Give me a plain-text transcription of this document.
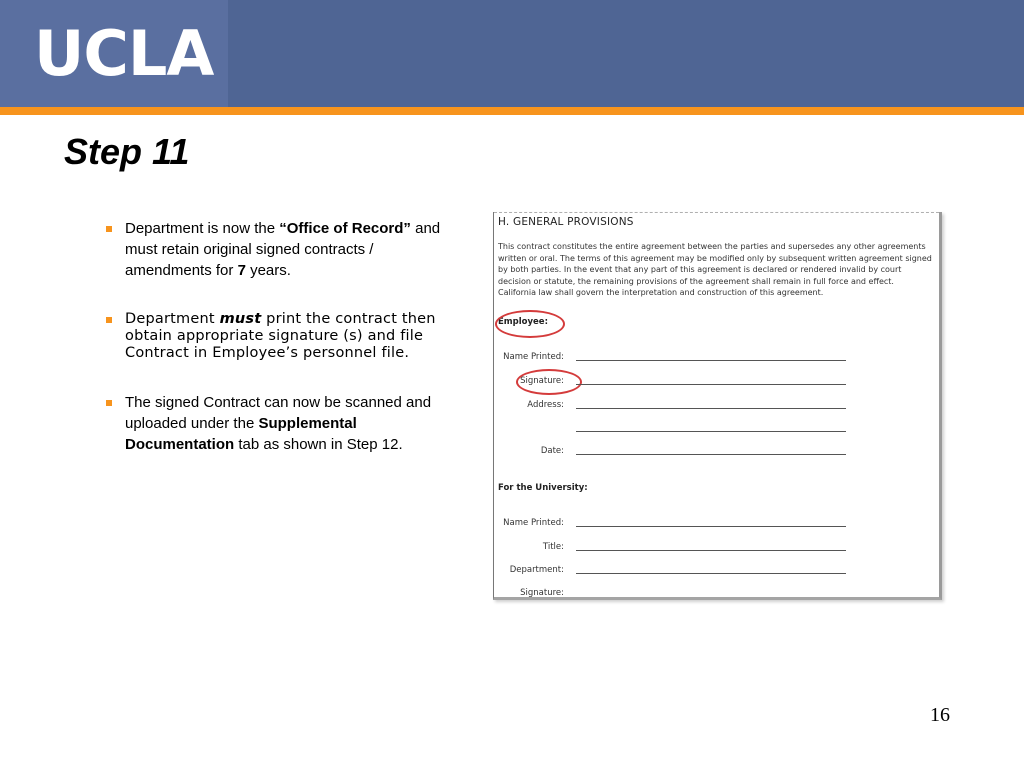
UCLA
Step 11
Department is now the “Office of Record” and must retain original signed contracts / amendments for 7 years.
Department must print the contract then obtain appropriate signature (s) and file Contract in Employee’s personnel file.
The signed Contract can now be scanned and uploaded under the Supplemental Documentation tab as shown in Step 12.
H. GENERAL PROVISIONS
This contract constitutes the entire agreement between the parties and supersedes any other agreements written or oral. The terms of this agreement may be modified only by subsequent written agreement signed by both parties. In the event that any part of this agreement is declared or rendered invalid by court decision or statute, the remaining provisions of the agreement shall remain in full force and effect. California law shall govern the interpretation and construction of this agreement.
Employee:
Name Printed:
Signature:
Address:
Date:
For the University:
Name Printed:
Title:
Department:
Signature:
16
